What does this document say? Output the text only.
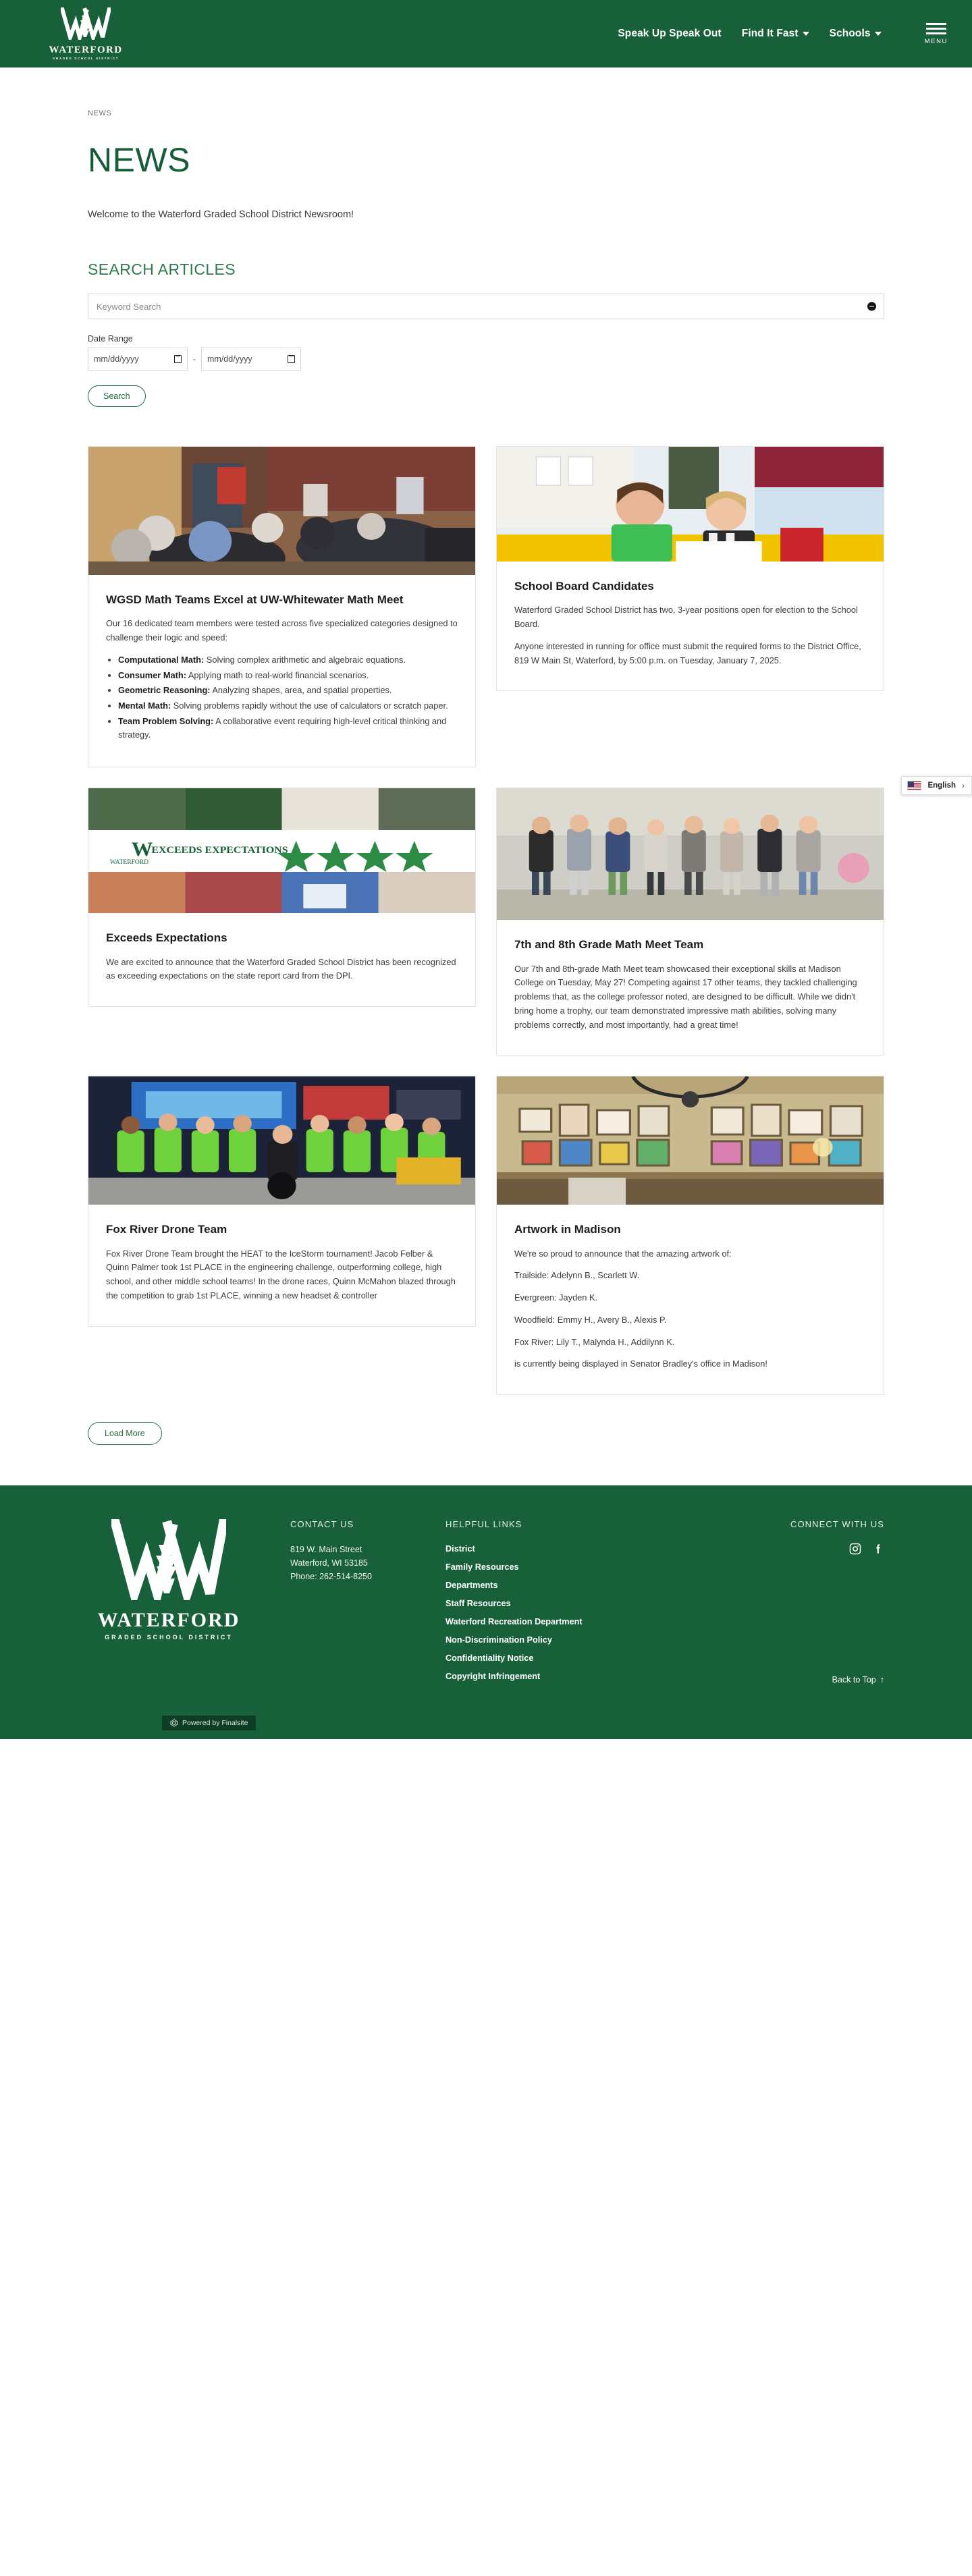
WATERFORD
GRADED SCHOOL DISTRICT
Speak Up Speak Out Find It Fast	Schools
MENU
NEWS
NEWS

Welcome to the Waterford Graded School District Newsroom!

SEARCH ARTICLES
Keyword Search
Date Range
mm/dd/yyyy	- mm/dd/yyyy
Search
WGSD Math Teams Excel at UW-Whitewater Math Meet

Our 16 dedicated team members were tested across five specialized categories designed to challenge their logic and speed:

• Computational Math: Solving complex arithmetic and algebraic equations.
• Consumer Math: Applying math to real-world financial scenarios.
• Geometric Reasoning: Analyzing shapes, area, and spatial properties.
• Mental Math: Solving problems rapidly without the use of calculators or scratch paper.
• Team Problem Solving: A collaborative event requiring high-level critical thinking and strategy.
School Board Candidates

Waterford Graded School District has two, 3-year positions open for election to the School Board.

Anyone interested in running for office must submit the required forms to the District Office, 819 W Main St, Waterford, by 5:00 p.m. on Tuesday, January 7, 2025.

W
EXCEEDS EXPECTATIONS
WATERFORD
Exceeds Expectations

We are excited to announce that the Waterford Graded School District has been recognized as exceeding expectations on the state report card from the DPI.

7th and 8th Grade Math Meet Team

Our 7th and 8th-grade Math Meet team showcased their exceptional skills at Madison College on Tuesday, May 27! Competing against 17 other teams, they tackled challenging problems that, as the college professor noted, are designed to be difficult. While we didn't bring home a trophy, our team demonstrated impressive math abilities, solving many problems correctly, and most importantly, had a great time!

Fox River Drone Team

Fox River Drone Team brought the HEAT to the IceStorm tournament! Jacob Felber & Quinn Palmer took 1st PLACE in the engineering challenge, outperforming college, high school, and other middle school teams! In the drone races, Quinn McMahon blazed through the competition to grab 1st PLACE, winning a new headset & controller

Artwork in Madison

We're so proud to announce that the amazing artwork of:

Trailside: Adelynn B., Scarlett W.

Evergreen: Jayden K.

Woodfield: Emmy H., Avery B., Alexis P.

Fox River: Lily T., Malynda H., Addilynn K.

is currently being displayed in Senator Bradley's office in Madison!

Load More
English ›
WATERFORD
GRADED SCHOOL DISTRICT
CONTACT US
819 W. Main Street
Waterford, WI 53185
Phone: 262-514-8250
HELPFUL LINKS
District
Family Resources
Departments
Staff Resources
Waterford Recreation Department
Non-Discrimination Policy
Confidentiality Notice
Copyright Infringement
CONNECT WITH US
Back to Top ↑
Powered by Finalsite
